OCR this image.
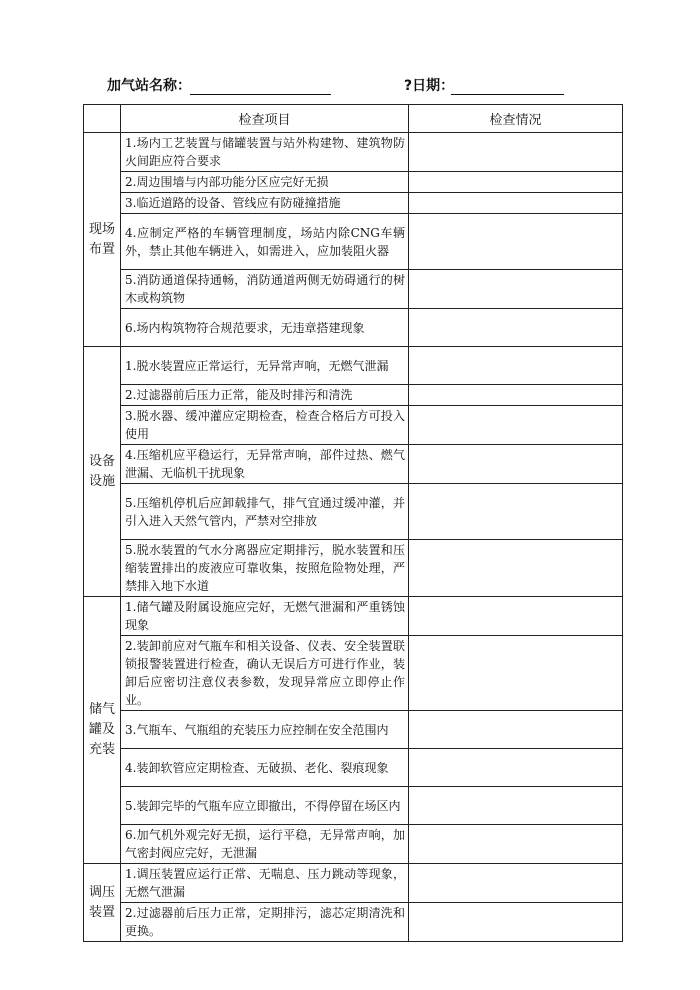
加气站名称：	?日期：
	检查项目	检查情况
现场布置	1.场内工艺装置与储罐装置与站外构建物、建筑物防火间距应符合要求	
	2.周边围墙与内部功能分区应完好无损	
	3.临近道路的设备、管线应有防碰撞措施	
	4.应制定严格的车辆管理制度，场站内除CNG车辆外，禁止其他车辆进入，如需进入，应加装阻火器	
	5.消防通道保持通畅，消防通道两侧无妨碍通行的树木或构筑物	
	6.场内构筑物符合规范要求，无违章搭建现象	
设备设施	1.脱水装置应正常运行，无异常声响，无燃气泄漏	
	2.过滤器前后压力正常，能及时排污和清洗	
	3.脱水器、缓冲灌应定期检查，检查合格后方可投入使用	
	4.压缩机应平稳运行，无异常声响，部件过热、燃气泄漏、无临机干扰现象	
	5.压缩机停机后应卸载排气，排气宜通过缓冲灌，并引入进入天然气管内，严禁对空排放	
	5.脱水装置的气水分离器应定期排污，脱水装置和压缩装置排出的废液应可靠收集，按照危险物处理，严禁排入地下水道	
储气罐及充装	1.储气罐及附属设施应完好，无燃气泄漏和严重锈蚀现象	
	2.装卸前应对气瓶车和相关设备、仪表、安全装置联锁报警装置进行检查，确认无误后方可进行作业，装卸后应密切注意仪表参数，发现异常应立即停止作业。	
	3.气瓶车、气瓶组的充装压力应控制在安全范围内	
	4.装卸软管应定期检查、无破损、老化、裂痕现象	
	5.装卸完毕的气瓶车应立即撤出，不得停留在场区内	
	6.加气机外观完好无损，运行平稳，无异常声响，加气密封阀应完好，无泄漏	
调压装置	1.调压装置应运行正常、无喘息、压力跳动等现象，无燃气泄漏	
	2.过滤器前后压力正常，定期排污，滤芯定期清洗和更换。	
